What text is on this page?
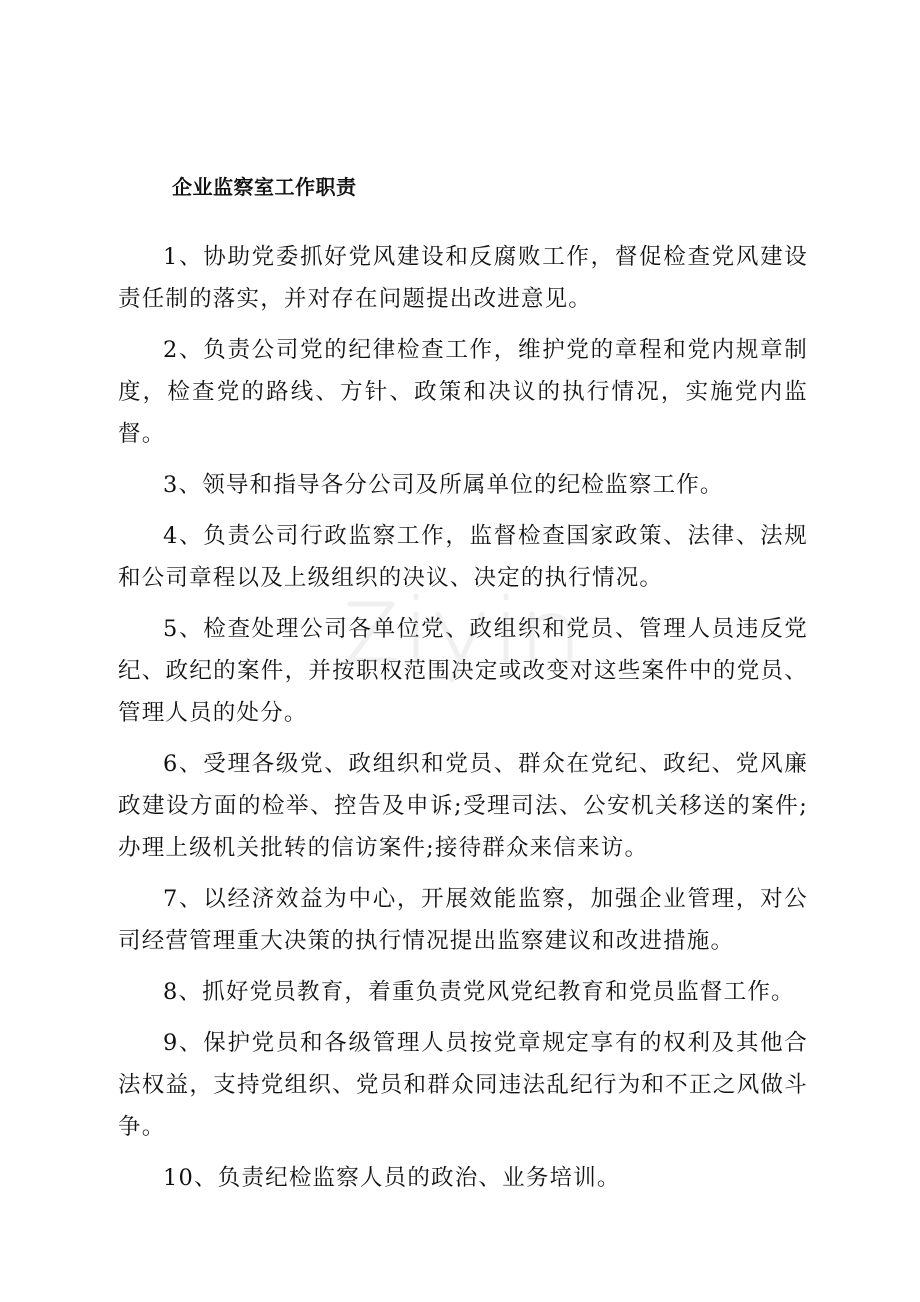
企业监察室工作职责

1、协助党委抓好党风建设和反腐败工作，督促检查党风建设责任制的落实，并对存在问题提出改进意见。

2、负责公司党的纪律检查工作，维护党的章程和党内规章制度，检查党的路线、方针、政策和决议的执行情况，实施党内监督。

3、领导和指导各分公司及所属单位的纪检监察工作。

4、负责公司行政监察工作，监督检查国家政策、法律、法规和公司章程以及上级组织的决议、决定的执行情况。

5、检查处理公司各单位党、政组织和党员、管理人员违反党纪、政纪的案件，并按职权范围决定或改变对这些案件中的党员、管理人员的处分。

6、受理各级党、政组织和党员、群众在党纪、政纪、党风廉政建设方面的检举、控告及申诉;受理司法、公安机关移送的案件;办理上级机关批转的信访案件;接待群众来信来访。

7、以经济效益为中心，开展效能监察，加强企业管理，对公司经营管理重大决策的执行情况提出监察建议和改进措施。

8、抓好党员教育，着重负责党风党纪教育和党员监督工作。

9、保护党员和各级管理人员按党章规定享有的权利及其他合法权益，支持党组织、党员和群众同违法乱纪行为和不正之风做斗争。

10、负责纪检监察人员的政治、业务培训。
